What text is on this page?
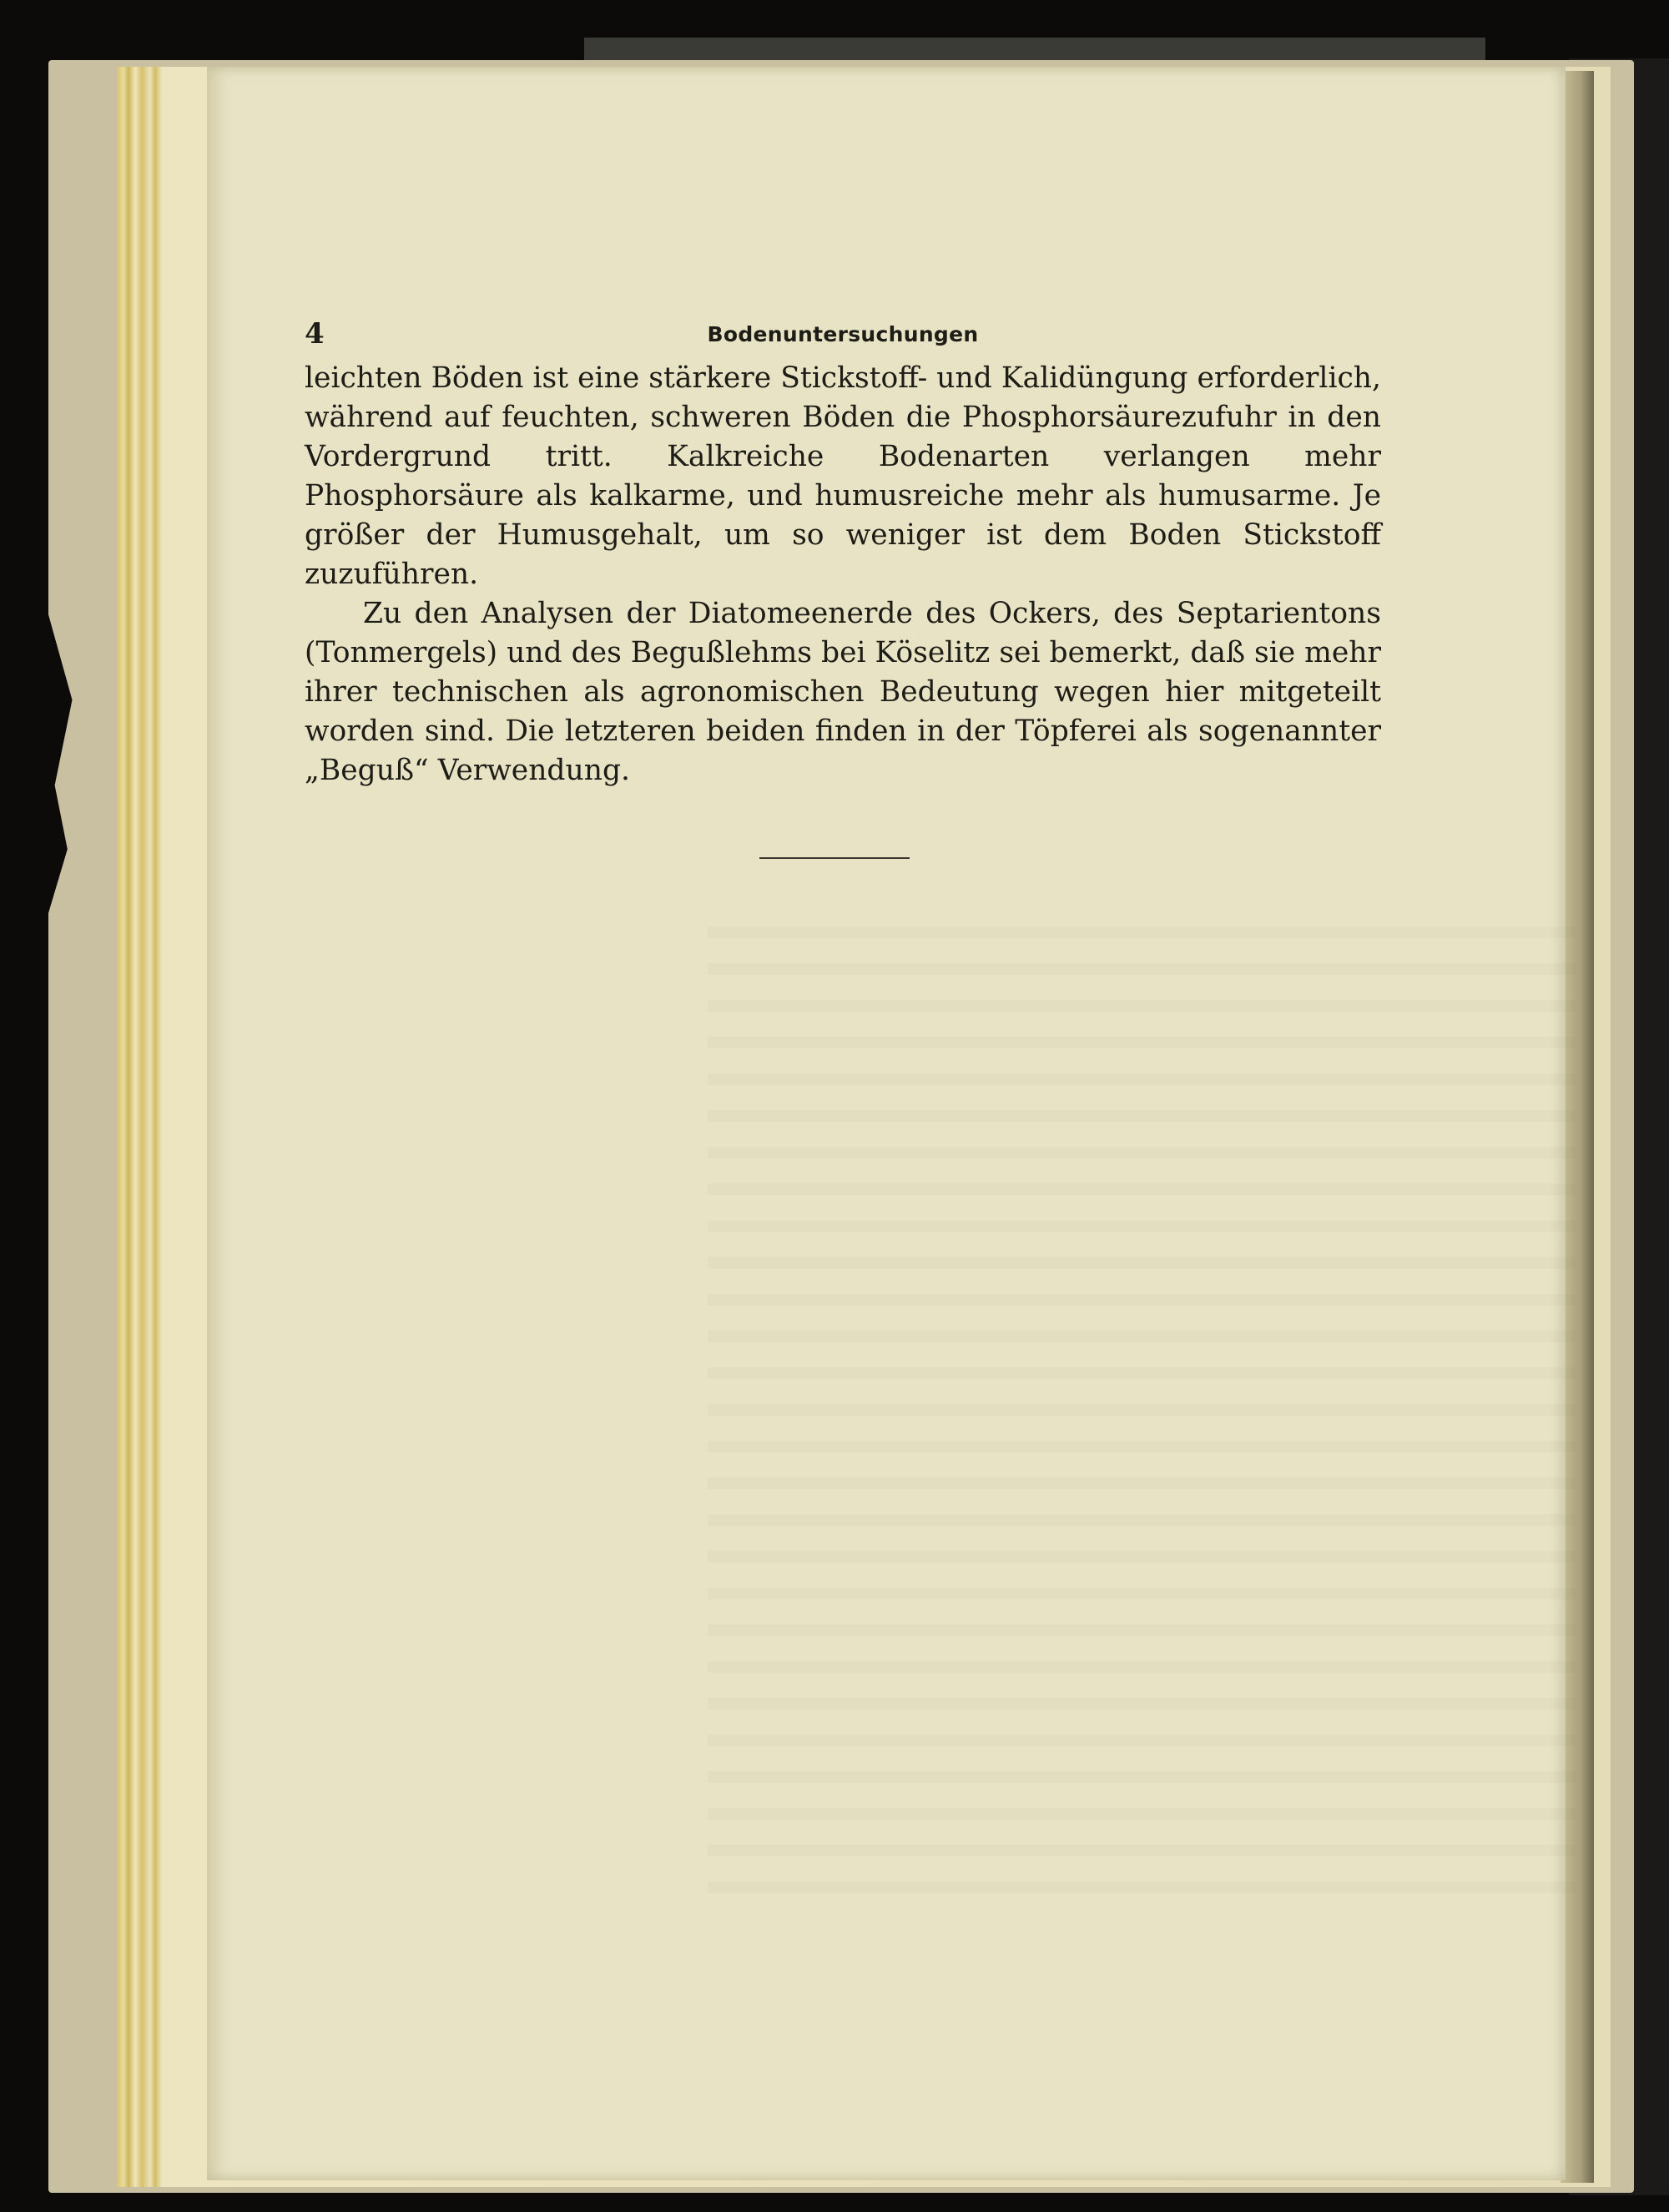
4	Bodenuntersuchungen

leichten Böden ist eine stärkere Stickstoff- und Kalidüngung erforderlich, während auf feuchten, schweren Böden die Phosphorsäurezufuhr in den Vordergrund tritt. Kalkreiche Bodenarten verlangen mehr Phosphorsäure als kalkarme, und humusreiche mehr als humusarme. Je größer der Humusgehalt, um so weniger ist dem Boden Stickstoff zuzuführen.

Zu den Analysen der Diatomeenerde des Ockers, des Septarientons (Tonmergels) und des Begußlehms bei Köselitz sei bemerkt, daß sie mehr ihrer technischen als agronomischen Bedeutung wegen hier mitgeteilt worden sind. Die letzteren beiden finden in der Töpferei als sogenannter „Beguß“ Verwendung.
